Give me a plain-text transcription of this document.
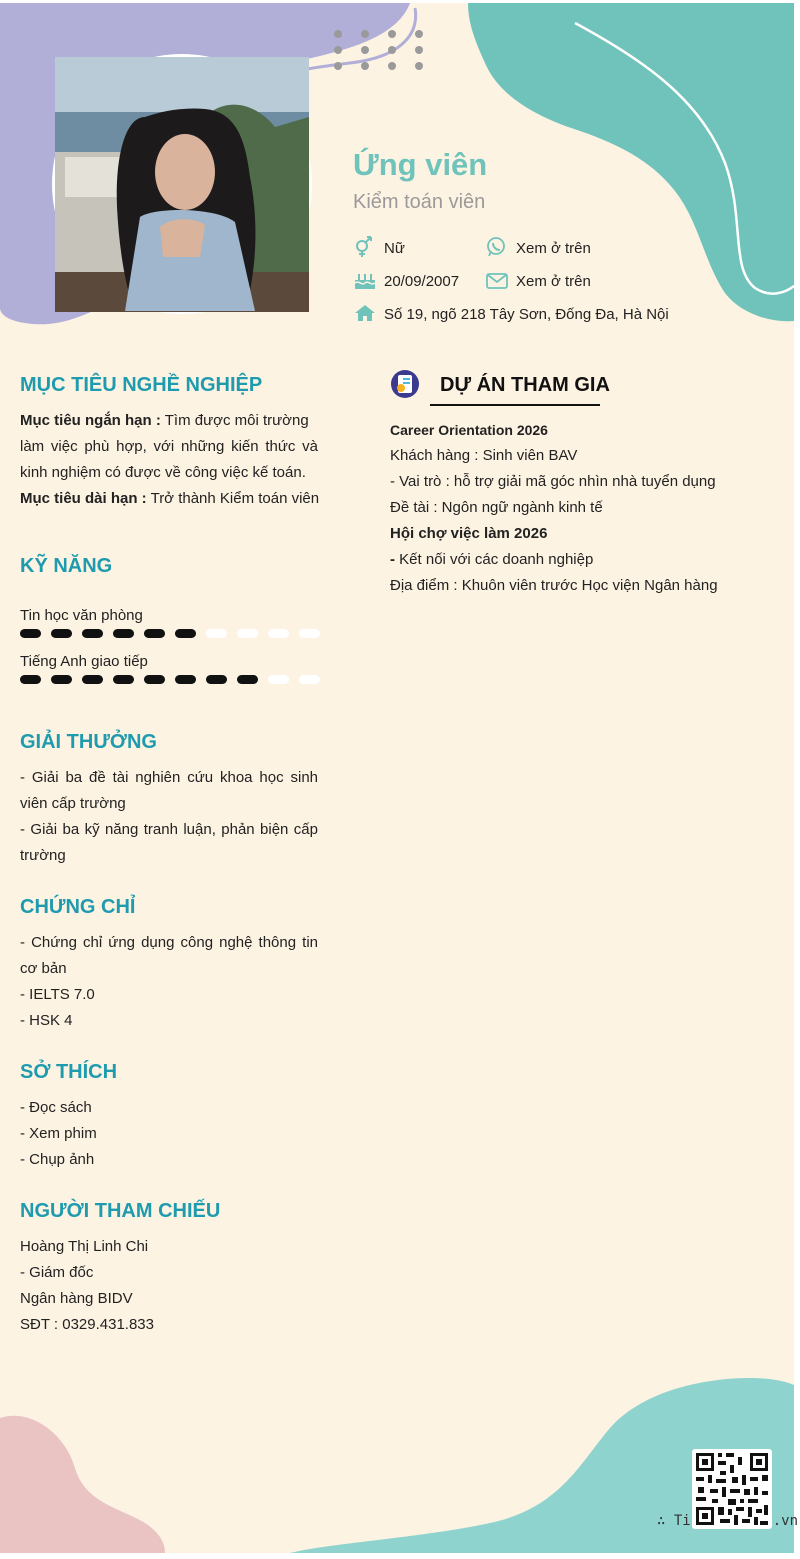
Ứng viên
Kiểm toán viên
Nữ	Xem ở trên
20/09/2007	Xem ở trên
Số 19, ngõ 218 Tây Sơn, Đống Đa, Hà Nội
MỤC TIÊU NGHỀ NGHIỆP
Mục tiêu ngắn hạn : Tìm được môi trường
làm việc phù hợp, với những kiến thức và
kinh nghiệm có được về công việc kế toán.
Mục tiêu dài hạn : Trở thành Kiểm toán viên
KỸ NĂNG
Tin học văn phòng
Tiếng Anh giao tiếp
GIẢI THƯỞNG
- Giải ba đề tài nghiên cứu khoa học sinh
viên cấp trường
- Giải ba kỹ năng tranh luận, phản biện cấp
trường
CHỨNG CHỈ
- Chứng chỉ ứng dụng công nghệ thông tin
cơ bản
- IELTS 7.0
- HSK 4
SỞ THÍCH
- Đọc sách
- Xem phim
- Chụp ảnh
NGƯỜI THAM CHIẾU
Hoàng Thị Linh Chi
- Giám đốc
Ngân hàng BIDV
SĐT : 0329.431.833
DỰ ÁN THAM GIA
Career Orientation 2026
Khách hàng : Sinh viên BAV
- Vai trò : hỗ trợ giải mã góc nhìn nhà tuyển dụng
Đề tài : Ngôn ngữ ngành kinh tế
Hội chợ việc làm 2026
- Kết nối với các doanh nghiệp
Địa điểm : Khuôn viên trước Học viện Ngân hàng
∴ Ti	.vn
